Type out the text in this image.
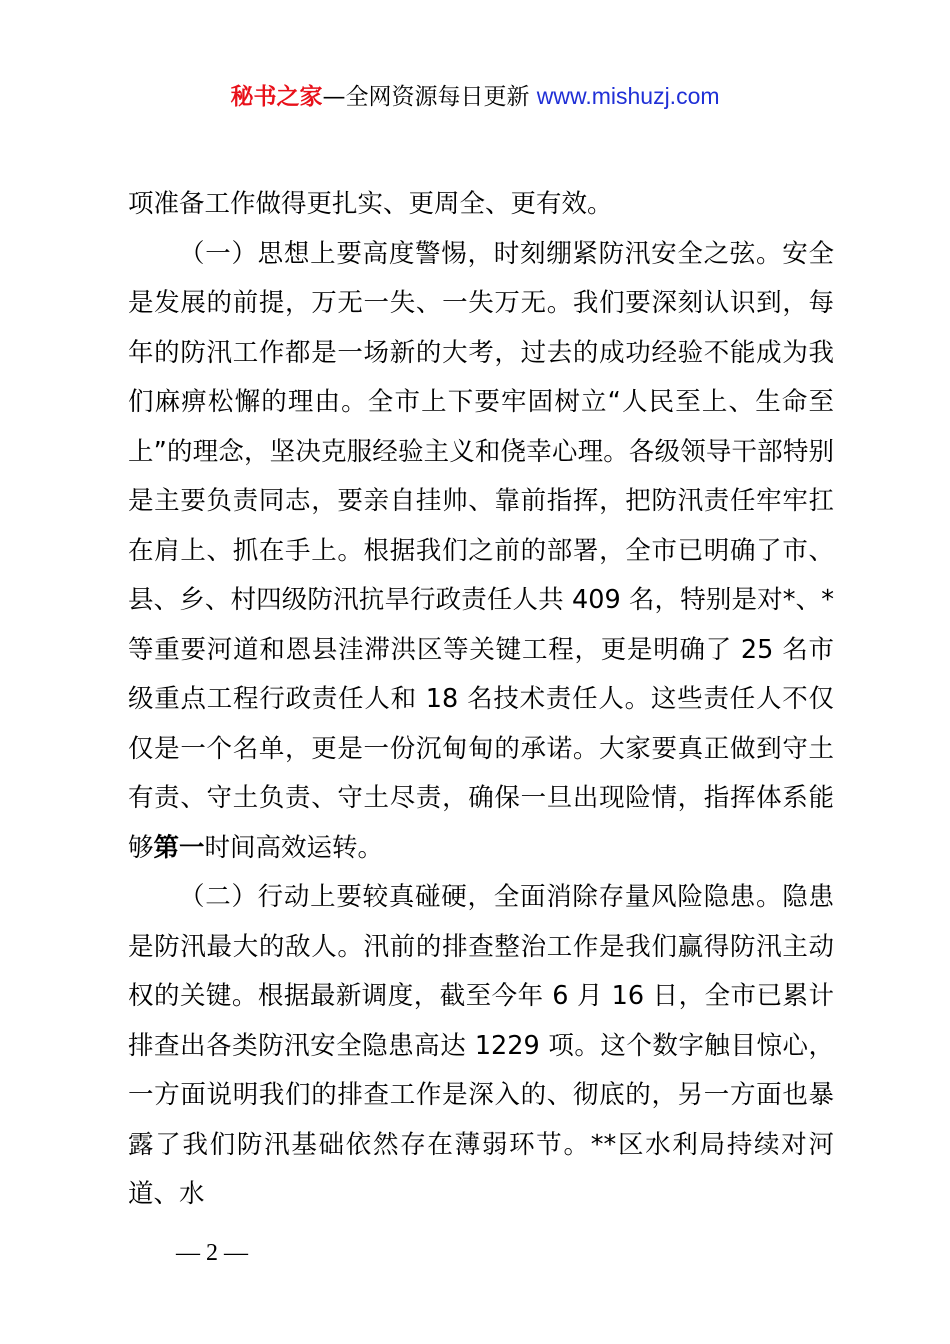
秘书之家—全网资源每日更新 www.mishuzj.com

项准备工作做得更扎实、更周全、更有效。

（一）思想上要高度警惕，时刻绷紧防汛安全之弦。安全是发展的前提，万无一失、一失万无。我们要深刻认识到，每年的防汛工作都是一场新的大考，过去的成功经验不能成为我们麻痹松懈的理由。全市上下要牢固树立“人民至上、生命至上”的理念，坚决克服经验主义和侥幸心理。各级领导干部特别是主要负责同志，要亲自挂帅、靠前指挥，把防汛责任牢牢扛在肩上、抓在手上。根据我们之前的部署，全市已明确了市、县、乡、村四级防汛抗旱行政责任人共 409 名，特别是对*、*等重要河道和恩县洼滞洪区等关键工程，更是明确了 25 名市级重点工程行政责任人和 18 名技术责任人。这些责任人不仅仅是一个名单，更是一份沉甸甸的承诺。大家要真正做到守土有责、守土负责、守土尽责，确保一旦出现险情，指挥体系能够第一时间高效运转。

（二）行动上要较真碰硬，全面消除存量风险隐患。隐患是防汛最大的敌人。汛前的排查整治工作是我们赢得防汛主动权的关键。根据最新调度，截至今年 6 月 16 日，全市已累计排查出各类防汛安全隐患高达 1229 项。这个数字触目惊心，一方面说明我们的排查工作是深入的、彻底的，另一方面也暴露了我们防汛基础依然存在薄弱环节。**区水利局持续对河道、水

— 2 —
